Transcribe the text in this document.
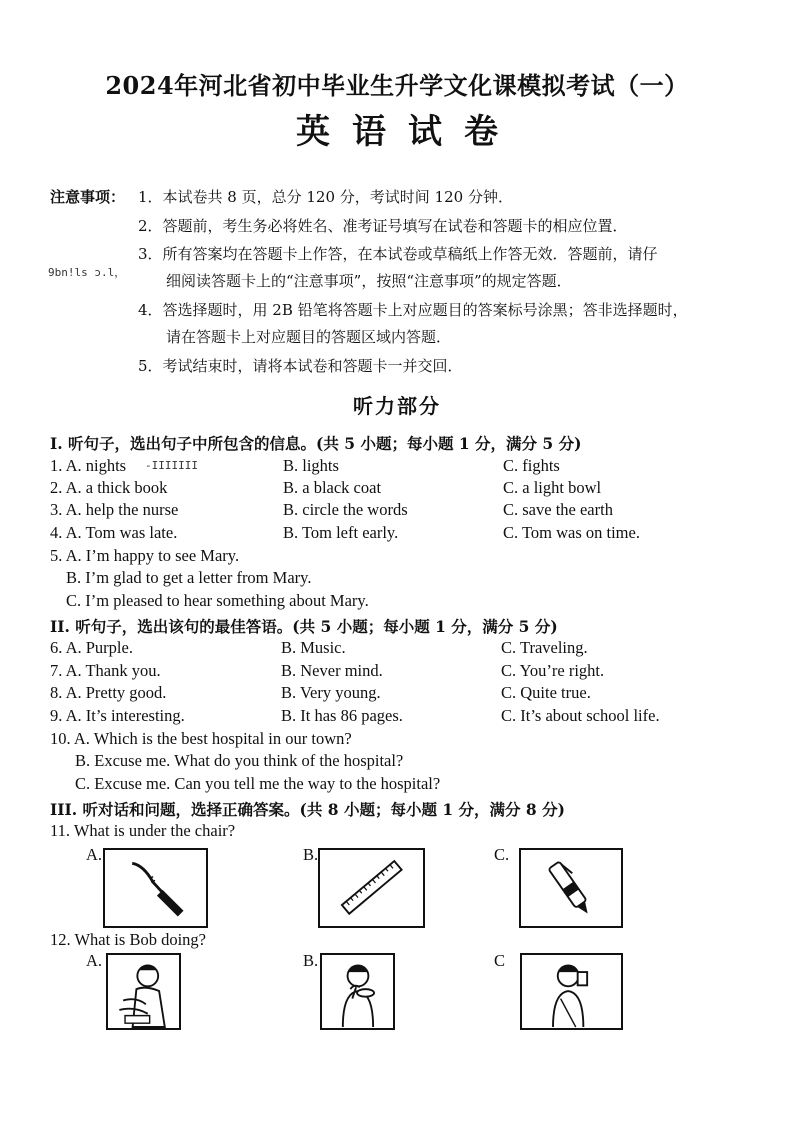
2024年河北省初中毕业生升学文化课模拟考试（一）
英语试卷
注意事项： 1．本试卷共 8 页，总分 120 分，考试时间 120 分钟．
2．答题前，考生务必将姓名、准考证号填写在试卷和答题卡的相应位置．
3．所有答案均在答题卡上作答，在本试卷或草稿纸上作答无效．答题前，请仔
细阅读答题卡上的“注意事项”，按照“注意事项”的规定答题．
9bn!ls ɔ.l，
4．答选择题时，用 2B 铅笔将答题卡上对应题目的答案标号涂黑；答非选择题时，
请在答题卡上对应题目的答题区域内答题．
5．考试结束时，请将本试卷和答题卡一并交回．
听力部分
I. 听句子，选出句子中所包含的信息。(共 5 小题；每小题 1 分，满分 5 分)
1. A. nights -IIIIIII	B. lights	C. fights
2. A. a thick book	B. a black coat	C. a light bowl
3. A. help the nurse	B. circle the words	C. save the earth
4. A. Tom was late.	B. Tom left early.	C. Tom was on time.
5. A. I’m happy to see Mary.
B. I’m glad to get a letter from Mary.
C. I’m pleased to hear something about Mary.
II. 听句子，选出该句的最佳答语。(共 5 小题；每小题 1 分，满分 5 分)
6. A. Purple.	B. Music.	C. Traveling.
7. A. Thank you.	B. Never mind.	C. You’re right.
8. A. Pretty good.	B. Very young.	C. Quite true.
9. A. It’s interesting.	B. It has 86 pages.	C. It’s about school life.
10. A. Which is the best hospital in our town?
B. Excuse me. What do you think of the hospital?
C. Excuse me. Can you tell me the way to the hospital?
III. 听对话和问题，选择正确答案。(共 8 小题；每小题 1 分，满分 8 分)
11. What is under the chair?
A.	B.	C.
12. What is Bob doing?
A.	B.	C
